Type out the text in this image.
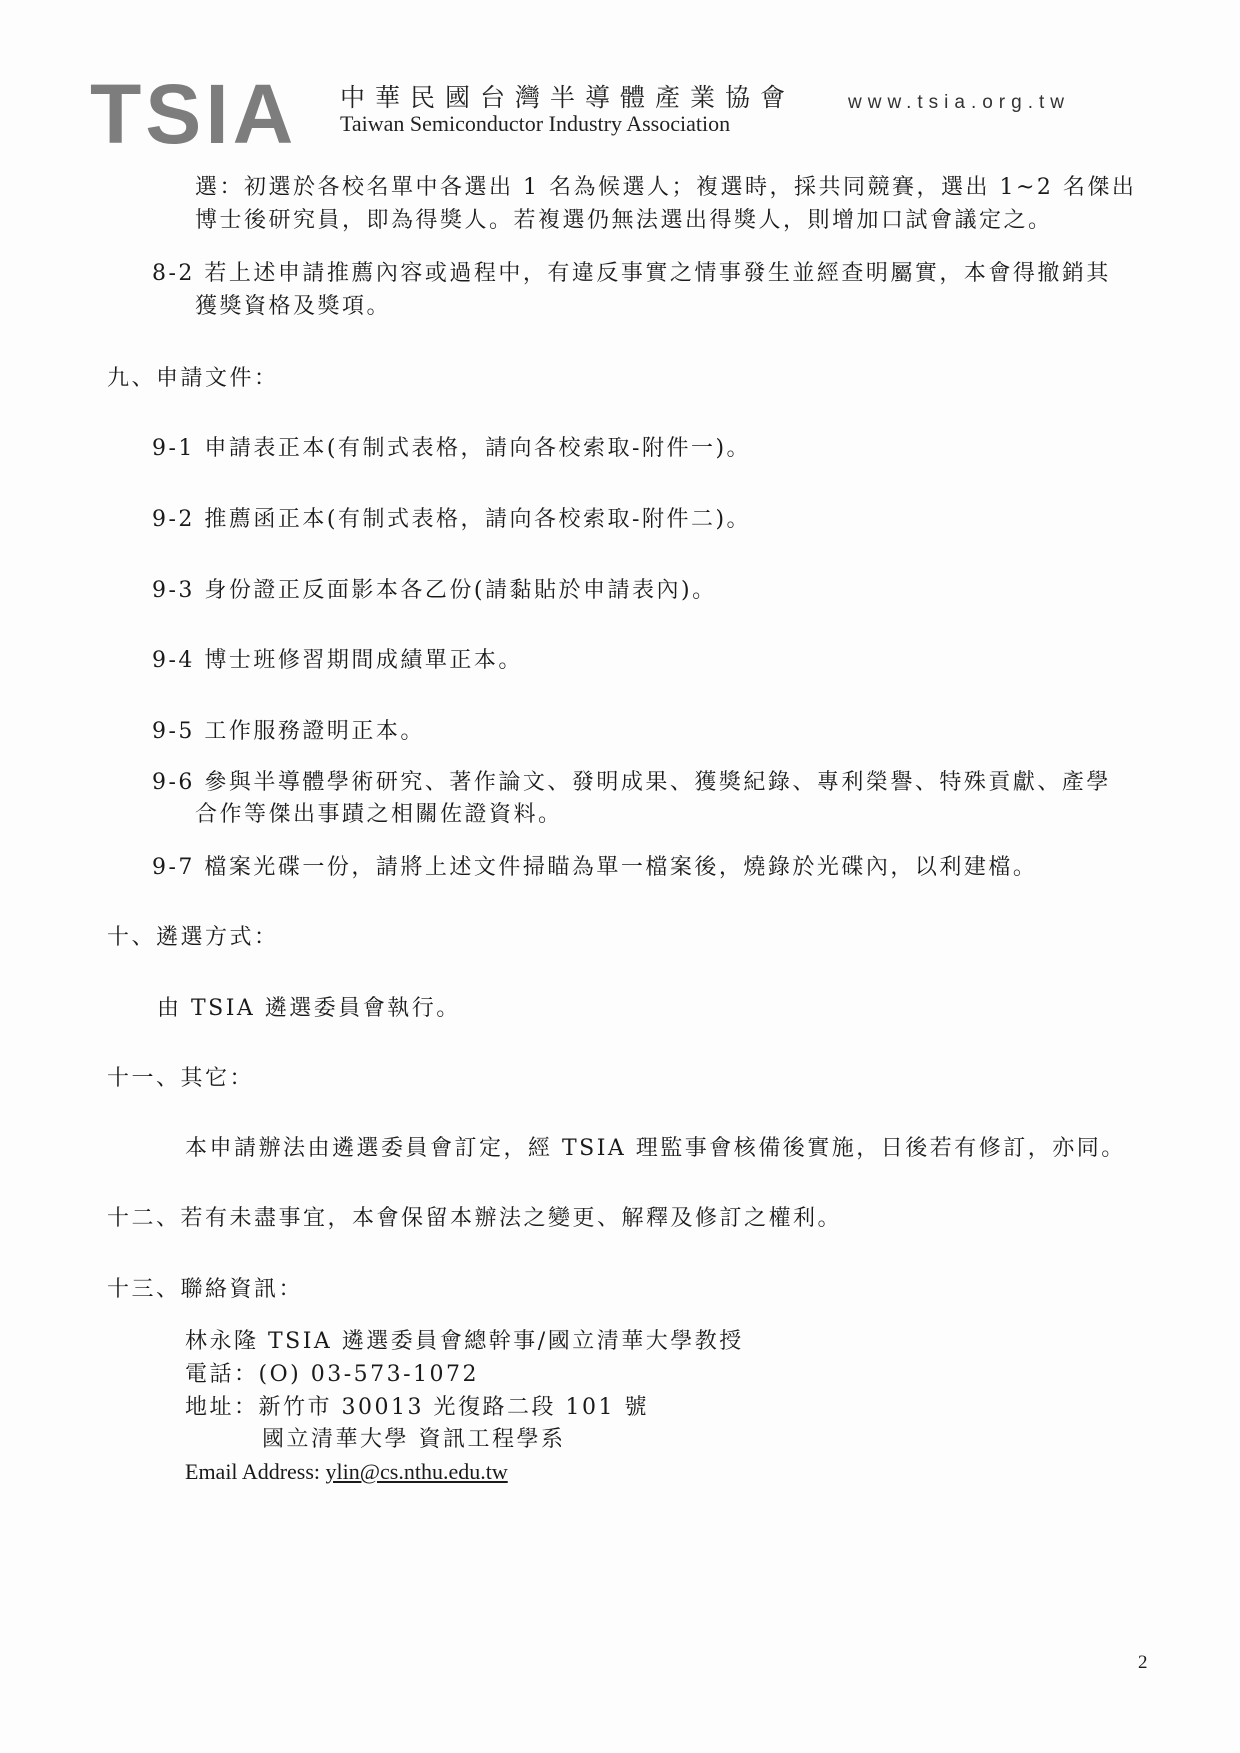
TSIA 中華民國台灣半導體產業協會
Taiwan Semiconductor Industry Association
www.tsia.org.tw
選：初選於各校名單中各選出 1 名為候選人；複選時，採共同競賽，選出 1~2 名傑出
博士後研究員，即為得獎人。若複選仍無法選出得獎人，則增加口試會議定之。
8-2 若上述申請推薦內容或過程中，有違反事實之情事發生並經查明屬實，本會得撤銷其
獲獎資格及獎項。
九、申請文件：
9-1 申請表正本(有制式表格，請向各校索取-附件一)。
9-2 推薦函正本(有制式表格，請向各校索取-附件二)。
9-3 身份證正反面影本各乙份(請黏貼於申請表內)。
9-4 博士班修習期間成績單正本。
9-5 工作服務證明正本。
9-6 參與半導體學術研究、著作論文、發明成果、獲獎紀錄、專利榮譽、特殊貢獻、產學
合作等傑出事蹟之相關佐證資料。
9-7 檔案光碟一份，請將上述文件掃瞄為單一檔案後，燒錄於光碟內，以利建檔。
十、遴選方式：
由 TSIA 遴選委員會執行。
十一、其它：
本申請辦法由遴選委員會訂定，經 TSIA 理監事會核備後實施，日後若有修訂，亦同。
十二、若有未盡事宜，本會保留本辦法之變更、解釋及修訂之權利。
十三、聯絡資訊：
林永隆 TSIA 遴選委員會總幹事/國立清華大學教授
電話：(O) 03-573-1072
地址：新竹市 30013 光復路二段 101 號
國立清華大學 資訊工程學系
Email Address: ylin@cs.nthu.edu.tw
2
